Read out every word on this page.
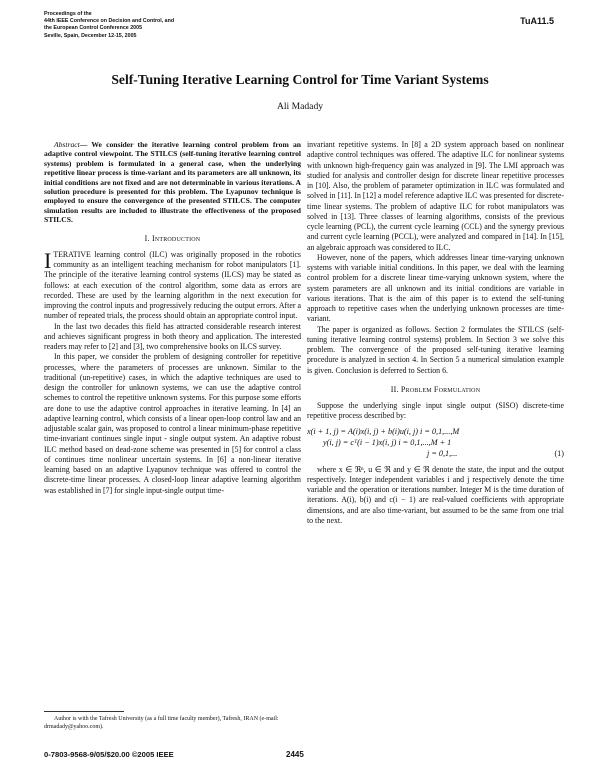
Proceedings of the
44th IEEE Conference on Decision and Control, and
the European Control Conference 2005
Seville, Spain, December 12-15, 2005
TuA11.5
Self-Tuning Iterative Learning Control for Time Variant Systems
Ali Madady

Abstract— We consider the iterative learning control problem from an adaptive control viewpoint. The STILCS (self-tuning iterative learning control systems) problem is formulated in a general case, when the underlying repetitive linear process is time-variant and its parameters are all unknown, its initial conditions are not fixed and are not determinable in various iterations. A solution procedure is presented for this problem. The Lyapunov technique is employed to ensure the convergence of the presented STILCS. The computer simulation results are included to illustrate the effectiveness of the proposed STILCS.

I. Introduction

ITERATIVE learning control (ILC) was originally proposed in the robotics community as an intelligent teaching mechanism for robot manipulators [1]. The principle of the iterative learning control systems (ILCS) may be stated as follows: at each execution of the control algorithm, some data as errors are recorded. These are used by the learning algorithm in the next execution for improving the control inputs and progressively reducing the output errors. After a number of repeated trials, the process should obtain an appropriate control input.

In the last two decades this field has attracted considerable research interest and achieves significant progress in both theory and application. The interested readers may refer to [2] and [3], two comprehensive books on ILCS survey.

In this paper, we consider the problem of designing controller for repetitive processes, where the parameters of processes are unknown. Similar to the traditional (un-repetitive) cases, in which the adaptive techniques are used to design the controller for unknown systems, we can use the adaptive control schemes to control the repetitive unknown systems. For this purpose some efforts are done to use the adaptive control approaches in iterative learning. In [4] an adaptive learning control, which consists of a linear open-loop control law and an adjustable scalar gain, was proposed to control a linear minimum-phase repetitive time-invariant continues single input - single output system. An adaptive robust ILC method based on dead-zone scheme was presented in [5] for control a class of continues time nonlinear uncertain systems. In [6] a non-linear iterative learning based on an adaptive Lyapunov technique was offered to control the discrete-time linear processes. A closed-loop linear adaptive learning algorithm was established in [7] for single input-single output time-

invariant repetitive systems. In [8] a 2D system approach based on nonlinear adaptive control techniques was offered. The adaptive ILC for nonlinear systems with unknown high-frequency gain was analyzed in [9]. The LMI approach was studied for analysis and controller design for discrete linear repetitive processes in [10]. Also, the problem of parameter optimization in ILC was formulated and solved in [11]. In [12] a model reference adaptive ILC was presented for discrete-time linear systems. The problem of adaptive ILC for robot manipulators was solved in [13]. Three classes of learning algorithms, consists of the previous cycle learning (PCL), the current cycle learning (CCL) and the synergy previous and current cycle learning (PCCL), were analyzed and compared in [14]. In [15], an algebraic approach was considered to ILC.

However, none of the papers, which addresses linear time-varying unknown systems with variable initial conditions. In this paper, we deal with the learning control problem for a discrete linear time-varying unknown system, where the system parameters are all unknown and its initial conditions are variable in various iterations. That is the aim of this paper is to extend the self-tuning approach to repetitive cases when the underlying unknown processes are time-variant.

The paper is organized as follows. Section 2 formulates the STILCS (self-tuning iterative learning control systems) problem. In Section 3 we solve this problem. The convergence of the proposed self-tuning iterative learning procedure is analyzed in section 4. In Section 5 a numerical simulation example is given. Conclusion is deferred to Section 6.

II. Problem Formulation

Suppose the underlying single input single output (SISO) discrete-time repetitive process described by:

x(i + 1, j) = A(i)x(i, j) + b(i)u(i, j) i = 0,1,...,M
y(i, j) = cᵀ(i − 1)x(i, j) i = 0,1,...,M + 1
j = 0,1,...	(1)

where x ∈ ℜⁿ, u ∈ ℜ and y ∈ ℜ denote the state, the input and the output respectively. Integer independent variables i and j respectively denote the time variable and the operation or iterations number. Integer M is the time duration of iterations. A(i), b(i) and c(i − 1) are real-valued coefficients with appropriate dimensions, and are also time-variant, but assumed to be the same from one trial to the next.

Author is with the Tafresh University (as a full time faculty member), Tafresh, IRAN (e-mail: drmadady@yahoo.com).
0-7803-9568-9/05/$20.00 ©2005 IEEE	2445
